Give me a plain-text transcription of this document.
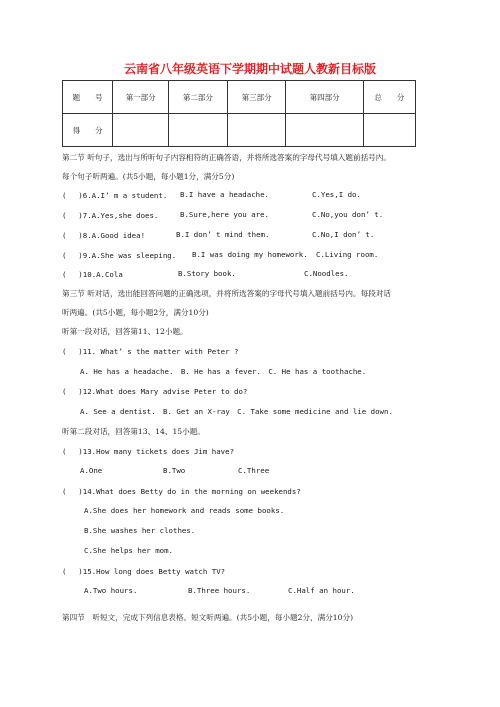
云南省八年级英语下学期期中试题人教新目标版
题　　号	第一部分	第二部分	第三部分	第四部分	总　　分
得　　分					
第二节 听句子，选出与所听句子内容相符的正确答语，并将所选答案的字母代号填入题前括号内。
每个句子听两遍。(共5小题，每小题1分，满分5分)
(　 )6.A.I’ m a student. B.I have a headache.	C.Yes,I do.
(　 )7.A.Yes,she does.	B.Sure,here you are.	C.No,you don’ t.
(　 )8.A.Good idea!	B.I don’ t mind them.	C.No,I don’ t.
(　 )9.A.She was sleeping. B.I was doing my homework. C.Living room.
(　 )10.A.Cola	B.Story book.	C.Noodles.
第三节 听对话，选出能回答问题的正确选项，并将所选答案的字母代号填入题前括号内。每段对话
听两遍。(共5小题，每小题2分，满分10分)
听第一段对话，回答第11、12小题。
(　 )11. What’ s the matter with Peter ?
A. He has a headache.　B. He has a fever.　C. He has a toothache.
(　 )12.What does Mary advise Peter to do?
A. See a dentist.　B. Get an X-ray　C. Take some medicine and lie down.
听第二段对话，回答第13、14、15小题。
(　 )13.How many tickets does Jim have?
A.One	B.Two	C.Three
(　 )14.What does Betty do in the morning on weekends?
A.She does her homework and reads some books.
B.She washes her clothes.
C.She helps her mom.
(　 )15.How long does Betty watch TV?
A.Two hours.	B.Three hours.	C.Half an hour.
第四节　听短文，完成下列信息表格。短文听两遍。(共5小题，每小题2分，满分10分)
